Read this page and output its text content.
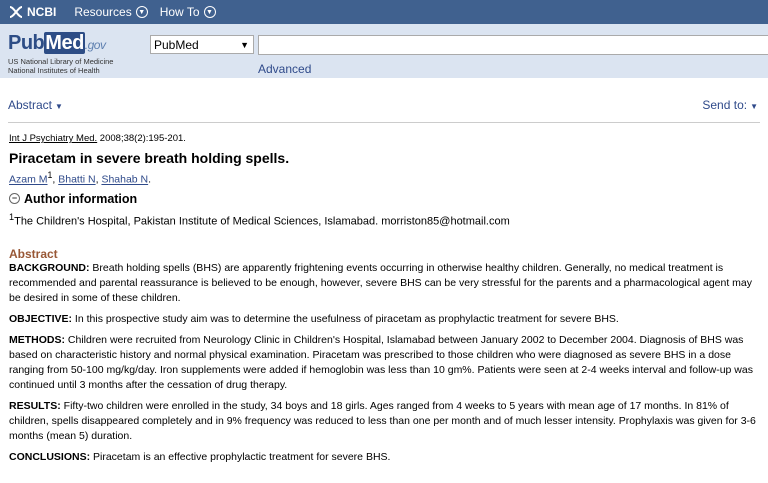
NCBI Resources ▼ How To ▼
PubMed.gov
US National Library of Medicine
National Institutes of Health
PubMed	▼
Advanced
Abstract ▼	Send to: ▼
Int J Psychiatry Med. 2008;38(2):195-201.
Piracetam in severe breath holding spells.
Azam $M^1$, Bhatti N, Shahab N.
− Author information
$^1$The Children's Hospital, Pakistan Institute of Medical Sciences, Islamabad. morriston85@hotmail.com
Abstract

BACKGROUND: Breath holding spells (BHS) are apparently frightening events occurring in otherwise healthy children. Generally, no medical treatment is recommended and parental reassurance is believed to be enough, however, severe BHS can be very stressful for the parents and a pharmacological agent may be desired in some of these children.

OBJECTIVE: In this prospective study aim was to determine the usefulness of piracetam as prophylactic treatment for severe BHS.

METHODS: Children were recruited from Neurology Clinic in Children's Hospital, Islamabad between January 2002 to December 2004. Diagnosis of BHS was based on characteristic history and normal physical examination. Piracetam was prescribed to those children who were diagnosed as severe BHS in a dose ranging from 50-100 mg/kg/day. Iron supplements were added if hemoglobin was less than 10 gm%. Patients were seen at 2-4 weeks interval and follow-up was continued until 3 months after the cessation of drug therapy.

RESULTS: Fifty-two children were enrolled in the study, 34 boys and 18 girls. Ages ranged from 4 weeks to 5 years with mean age of 17 months. In 81% of children, spells disappeared completely and in 9% frequency was reduced to less than one per month and of much lesser intensity. Prophylaxis was given for 3-6 months (mean 5) duration.

CONCLUSIONS: Piracetam is an effective prophylactic treatment for severe BHS.
